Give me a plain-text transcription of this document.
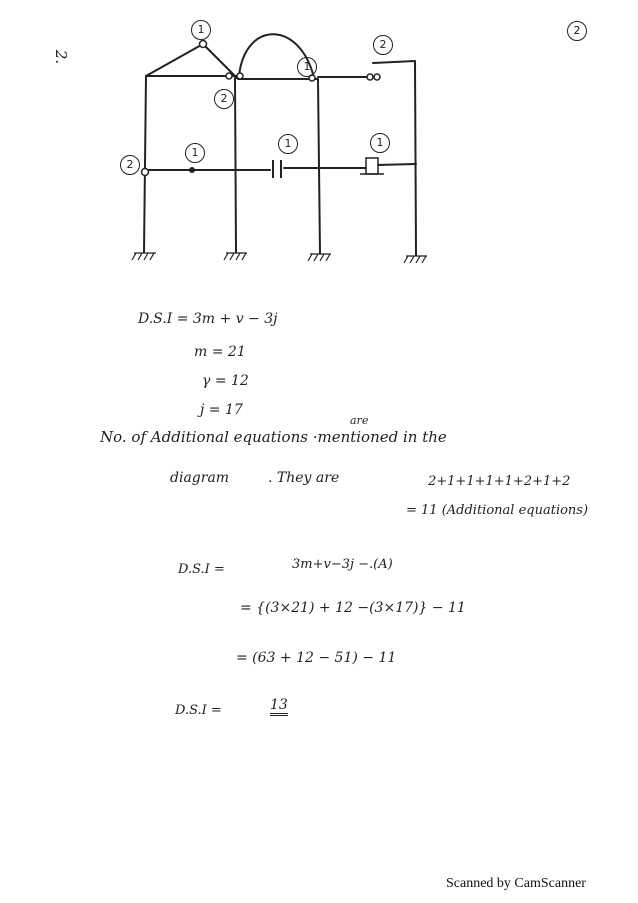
2
2.
1
2
1
2
2
1
1	1
D.S.I = 3m + v − 3j
m = 21
γ = 12
j = 17
are
No. of Additional equations ·mentioned in the
diagram	. They are	2+1+1+1+1+2+1+2
= 11 (Additional equations)
D.S.I =	3m+v−3j −.(A)
= {(3×21) + 12 −(3×17)} − 11
= (63 + 12 − 51) − 11
D.S.I =	13
Scanned by CamScanner
